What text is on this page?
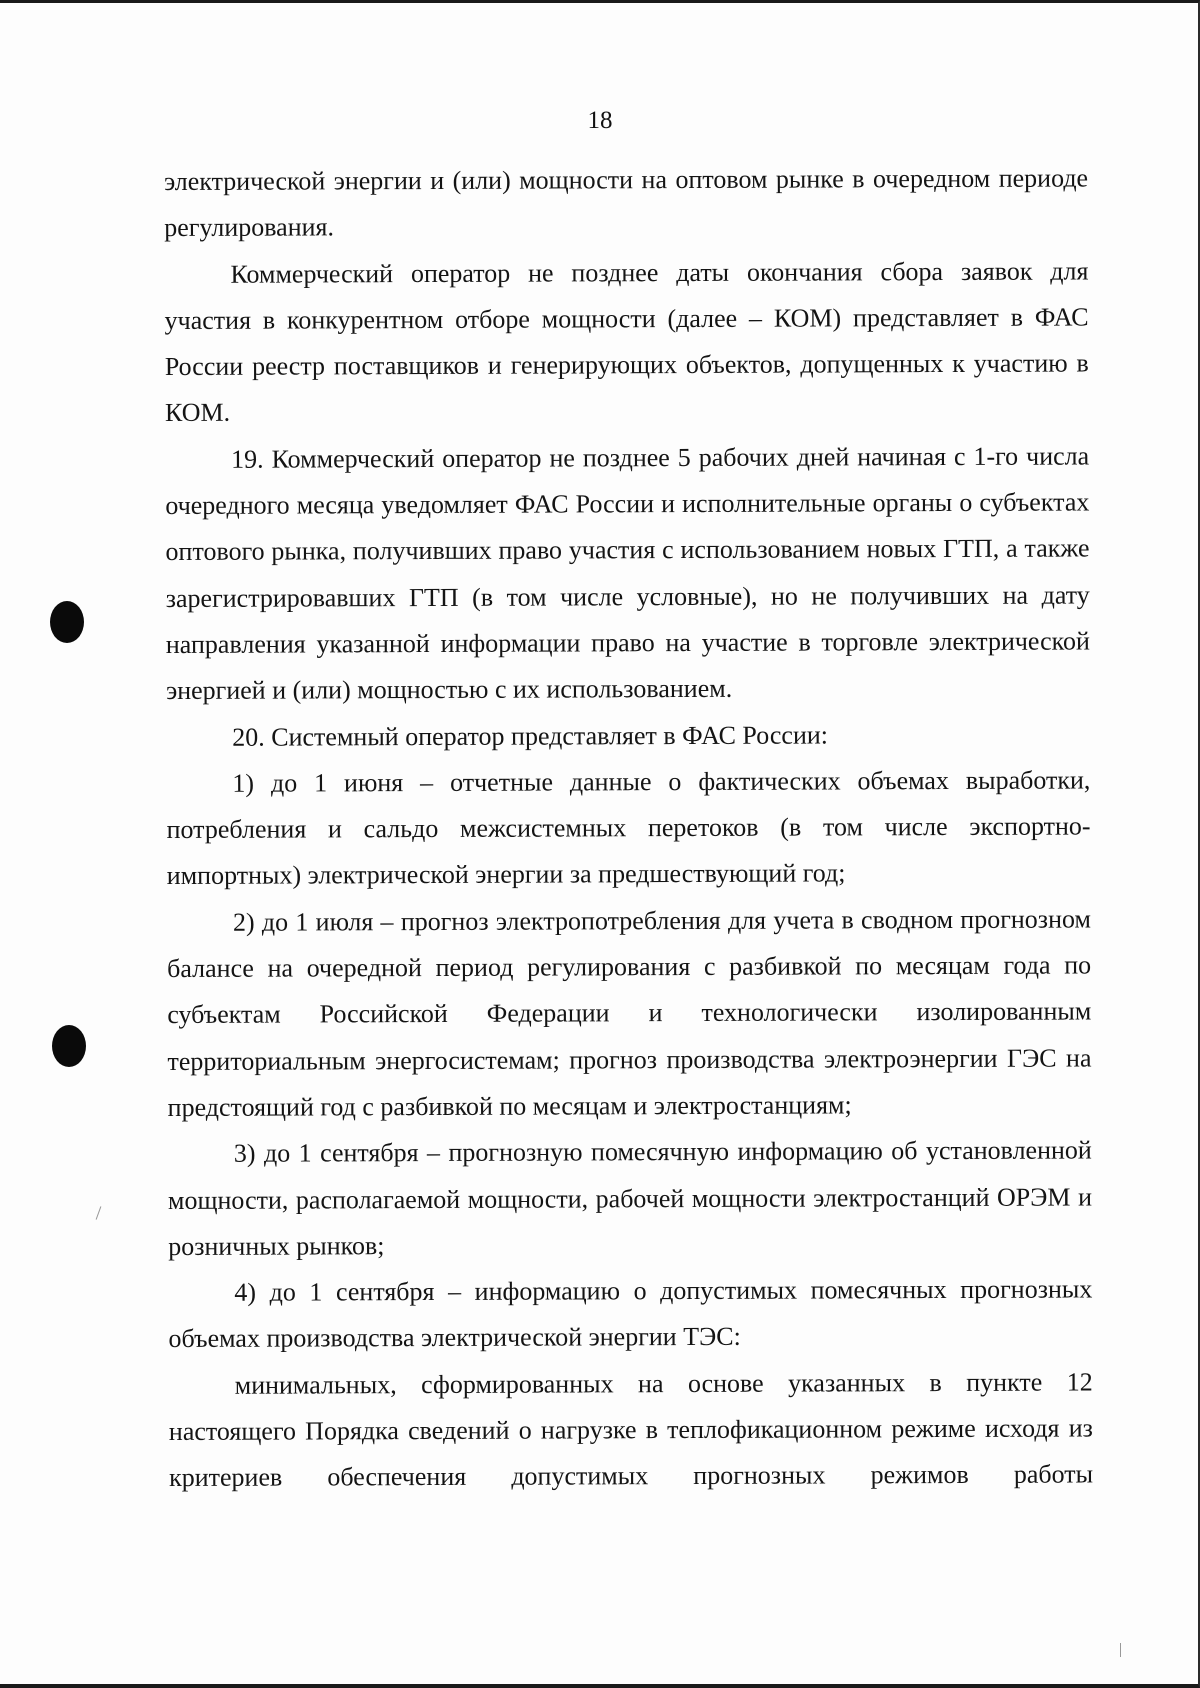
18

электрической энергии и (или) мощности на оптовом рынке в очередном периоде регулирования.

Коммерческий оператор не позднее даты окончания сбора заявок для участия в конкурентном отборе мощности (далее – КОМ) представляет в ФАС России реестр поставщиков и генерирующих объектов, допущенных к участию в КОМ.

19. Коммерческий оператор не позднее 5 рабочих дней начиная с 1-го числа очередного месяца уведомляет ФАС России и исполнительные органы о субъектах оптового рынка, получивших право участия с использованием новых ГТП, а также зарегистрировавших ГТП (в том числе условные), но не получивших на дату направления указанной информации право на участие в торговле электрической энергией и (или) мощностью с их использованием.

20. Системный оператор представляет в ФАС России:

1) до 1 июня – отчетные данные о фактических объемах выработки, потребления и сальдо межсистемных перетоков (в том числе экспортно-импортных) электрической энергии за предшествующий год;

2) до 1 июля – прогноз электропотребления для учета в сводном прогнозном балансе на очередной период регулирования с разбивкой по месяцам года по субъектам Российской Федерации и технологически изолированным территориальным энергосистемам; прогноз производства электроэнергии ГЭС на предстоящий год с разбивкой по месяцам и электростанциям;

3) до 1 сентября – прогнозную помесячную информацию об установленной мощности, располагаемой мощности, рабочей мощности электростанций ОРЭМ и розничных рынков;

4) до 1 сентября – информацию о допустимых помесячных прогнозных объемах производства электрической энергии ТЭС:

минимальных, сформированных на основе указанных в пункте 12 настоящего Порядка сведений о нагрузке в теплофикационном режиме исходя из критериев обеспечения допустимых прогнозных режимов работы
